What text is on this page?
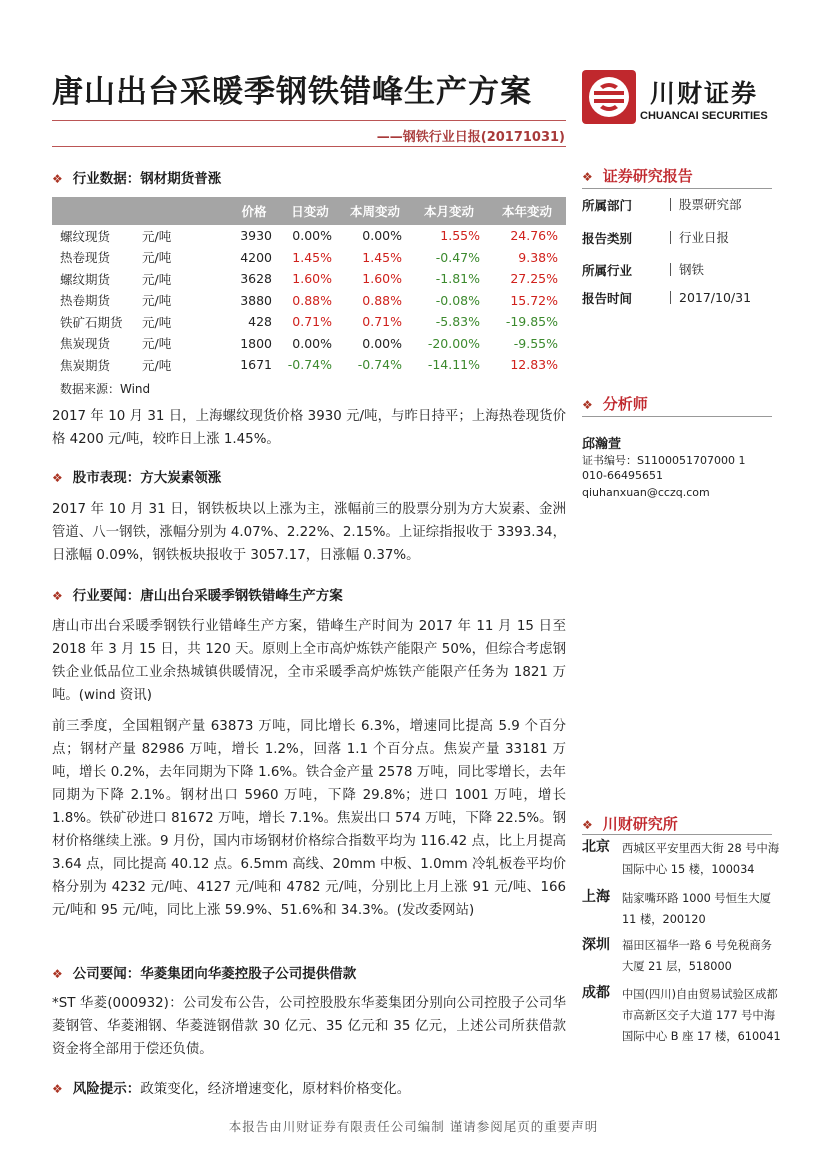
唐山出台采暖季钢铁错峰生产方案
——钢铁行业日报(20171031)
川财证券
CHUANCAI SECURITIES
❖ 行业数据：钢材期货普涨
		价格	日变动	本周变动	本月变动	本年变动
螺纹现货	元/吨	3930	0.00%	0.00%	1.55%	24.76%
热卷现货	元/吨	4200	1.45%	1.45%	-0.47%	9.38%
螺纹期货	元/吨	3628	1.60%	1.60%	-1.81%	27.25%
热卷期货	元/吨	3880	0.88%	0.88%	-0.08%	15.72%
铁矿石期货	元/吨	428	0.71%	0.71%	-5.83%	-19.85%
焦炭现货	元/吨	1800	0.00%	0.00%	-20.00%	-9.55%
焦炭期货	元/吨	1671	-0.74%	-0.74%	-14.11%	12.83%
数据来源：Wind
2017 年 10 月 31 日，上海螺纹现货价格 3930 元/吨，与昨日持平；上海热卷现货价格 4200 元/吨，较昨日上涨 1.45%。
❖ 股市表现：方大炭素领涨
2017 年 10 月 31 日，钢铁板块以上涨为主，涨幅前三的股票分别为方大炭素、金洲管道、八一钢铁，涨幅分别为 4.07%、2.22%、2.15%。上证综指报收于 3393.34，日涨幅 0.09%，钢铁板块报收于 3057.17，日涨幅 0.37%。
❖ 行业要闻：唐山出台采暖季钢铁错峰生产方案
唐山市出台采暖季钢铁行业错峰生产方案，错峰生产时间为 2017 年 11 月 15 日至 2018 年 3 月 15 日，共 120 天。原则上全市高炉炼铁产能限产 50%，但综合考虑钢铁企业低品位工业余热城镇供暖情况，全市采暖季高炉炼铁产能限产任务为 1821 万吨。(wind 资讯)
前三季度，全国粗钢产量 63873 万吨，同比增长 6.3%，增速同比提高 5.9 个百分点；钢材产量 82986 万吨，增长 1.2%，回落 1.1 个百分点。焦炭产量 33181 万吨，增长 0.2%，去年同期为下降 1.6%。铁合金产量 2578 万吨，同比零增长，去年同期为下降 2.1%。钢材出口 5960 万吨，下降 29.8%；进口 1001 万吨，增长 1.8%。铁矿砂进口 81672 万吨，增长 7.1%。焦炭出口 574 万吨，下降 22.5%。钢材价格继续上涨。9 月份，国内市场钢材价格综合指数平均为 116.42 点，比上月提高 3.64 点，同比提高 40.12 点。6.5mm 高线、20mm 中板、1.0mm 冷轧板卷平均价格分别为 4232 元/吨、4127 元/吨和 4782 元/吨，分别比上月上涨 91 元/吨、166 元/吨和 95 元/吨，同比上涨 59.9%、51.6%和 34.3%。(发改委网站)
❖ 公司要闻：华菱集团向华菱控股子公司提供借款
*ST 华菱(000932)：公司发布公告，公司控股股东华菱集团分别向公司控股子公司华菱钢管、华菱湘钢、华菱涟钢借款 30 亿元、35 亿元和 35 亿元，上述公司所获借款资金将全部用于偿还负债。
❖ 风险提示：政策变化，经济增速变化，原材料价格变化。
❖ 证券研究报告
所属部门	股票研究部
报告类别	行业日报
所属行业	钢铁
报告时间	2017/10/31
❖ 分析师
邱瀚萱
证书编号：S1100051707000 1
010-66495651
qiuhanxuan@cczq.com
❖ 川财研究所
北京 西城区平安里西大街 28 号中海国际中心 15 楼，100034
上海 陆家嘴环路 1000 号恒生大厦 11 楼，200120
深圳 福田区福华一路 6 号免税商务大厦 21 层，518000
成都 中国(四川)自由贸易试验区成都市高新区交子大道 177 号中海国际中心 B 座 17 楼，610041
本报告由川财证券有限责任公司编制 谨请参阅尾页的重要声明
